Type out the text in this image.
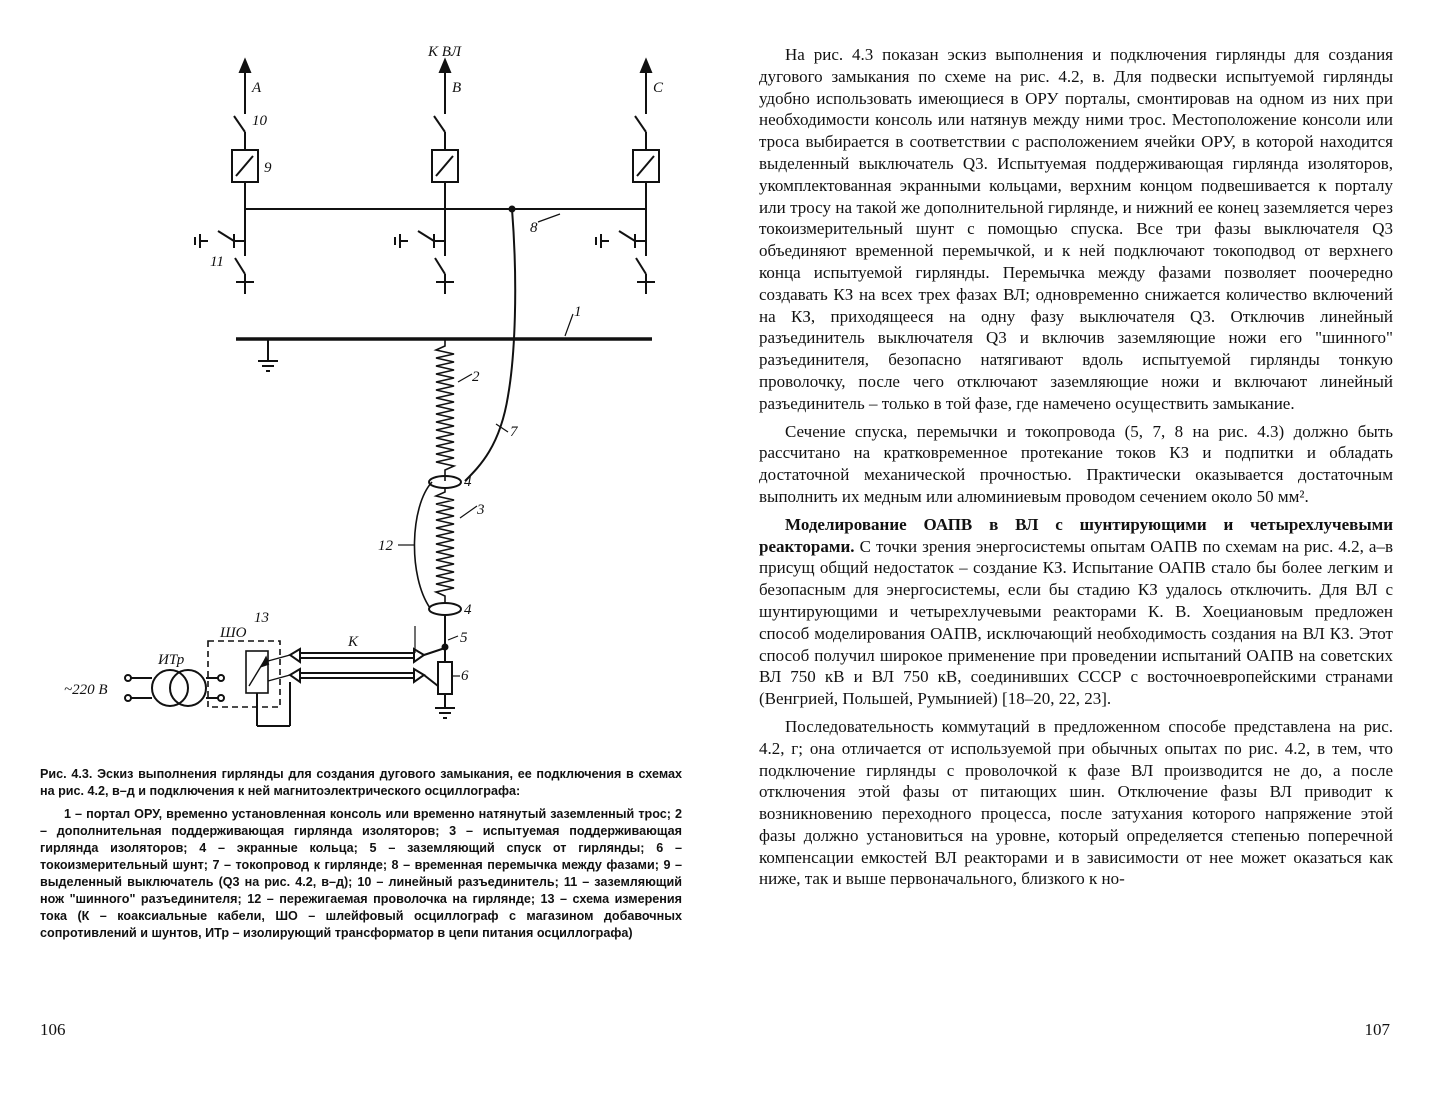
К ВЛ
А	В	С
10
9
11
8
1
2
7
4
3
12
4
5
13
ШО
ИТр
К
6
~220 В

Рис. 4.3. Эскиз выполнения гирлянды для создания дугового замыкания, ее подключения в схемах на рис. 4.2, в–д и подключения к ней магнитоэлектрического осциллографа:

1 – портал ОРУ, временно установленная консоль или временно натянутый заземленный трос; 2 – дополнительная поддерживающая гирлянда изоляторов; 3 – испытуемая поддерживающая гирлянда изоляторов; 4 – экранные кольца; 5 – заземляющий спуск от гирлянды; 6 – токоизмерительный шунт; 7 – токопровод к гирлянде; 8 – временная перемычка между фазами; 9 – выделенный выключатель (Q3 на рис. 4.2, в–д); 10 – линейный разъединитель; 11 – заземляющий нож "шинного" разъединителя; 12 – пережигаемая проволочка на гирлянде; 13 – схема измерения тока (К – коаксиальные кабели, ШО – шлейфовый осциллограф с магазином добавочных сопротивлений и шунтов, ИТр – изолирующий трансформатор в цепи питания осциллографа)

106

На рис. 4.3 показан эскиз выполнения и подключения гирлянды для создания дугового замыкания по схеме на рис. 4.2, в. Для подвески испытуемой гирлянды удобно использовать имеющиеся в ОРУ порталы, смонтировав на одном из них при необходимости консоль или натянув между ними трос. Местоположение консоли или троса выбирается в соответствии с расположением ячейки ОРУ, в которой находится выделенный выключатель Q3. Испытуемая поддерживающая гирлянда изоляторов, укомплектованная экранными кольцами, верхним концом подвешивается к порталу или тросу на такой же дополнительной гирлянде, и нижний ее конец заземляется через токоизмерительный шунт с помощью спуска. Все три фазы выключателя Q3 объединяют временной перемычкой, и к ней подключают токоподвод от верхнего конца испытуемой гирлянды. Перемычка между фазами позволяет поочередно создавать КЗ на всех трех фазах ВЛ; одновременно снижается количество включений на КЗ, приходящееся на одну фазу выключателя Q3. Отключив линейный разъединитель выключателя Q3 и включив заземляющие ножи его "шинного" разъединителя, безопасно натягивают вдоль испытуемой гирлянды тонкую проволочку, после чего отключают заземляющие ножи и включают линейный разъединитель – только в той фазе, где намечено осуществить замыкание.

Сечение спуска, перемычки и токопровода (5, 7, 8 на рис. 4.3) должно быть рассчитано на кратковременное протекание токов КЗ и подпитки и обладать достаточной механической прочностью. Практически оказывается достаточным выполнить их медным или алюминиевым проводом сечением около 50 мм².

Моделирование ОАПВ в ВЛ с шунтирующими и четырехлучевыми реакторами. С точки зрения энергосистемы опытам ОАПВ по схемам на рис. 4.2, а–в присущ общий недостаток – создание КЗ. Испытание ОАПВ стало бы более легким и безопасным для энергосистемы, если бы стадию КЗ удалось отключить. Для ВЛ с шунтирующими и четырехлучевыми реакторами К. В. Хоециановым предложен способ моделирования ОАПВ, исключающий необходимость создания на ВЛ КЗ. Этот способ получил широкое применение при проведении испытаний ОАПВ на советских ВЛ 750 кВ и ВЛ 750 кВ, соединивших СССР с восточноевропейскими странами (Венгрией, Польшей, Румынией) [18–20, 22, 23].

Последовательность коммутаций в предложенном способе представлена на рис. 4.2, г; она отличается от используемой при обычных опытах по рис. 4.2, в тем, что подключение гирлянды с проволочкой к фазе ВЛ производится не до, а после отключения этой фазы от питающих шин. Отключение фазы ВЛ приводит к возникновению переходного процесса, после затухания которого напряжение этой фазы должно установиться на уровне, который определяется степенью поперечной компенсации емкостей ВЛ реакторами и в зависимости от нее может оказаться как ниже, так и выше первоначального, близкого к но-

107
